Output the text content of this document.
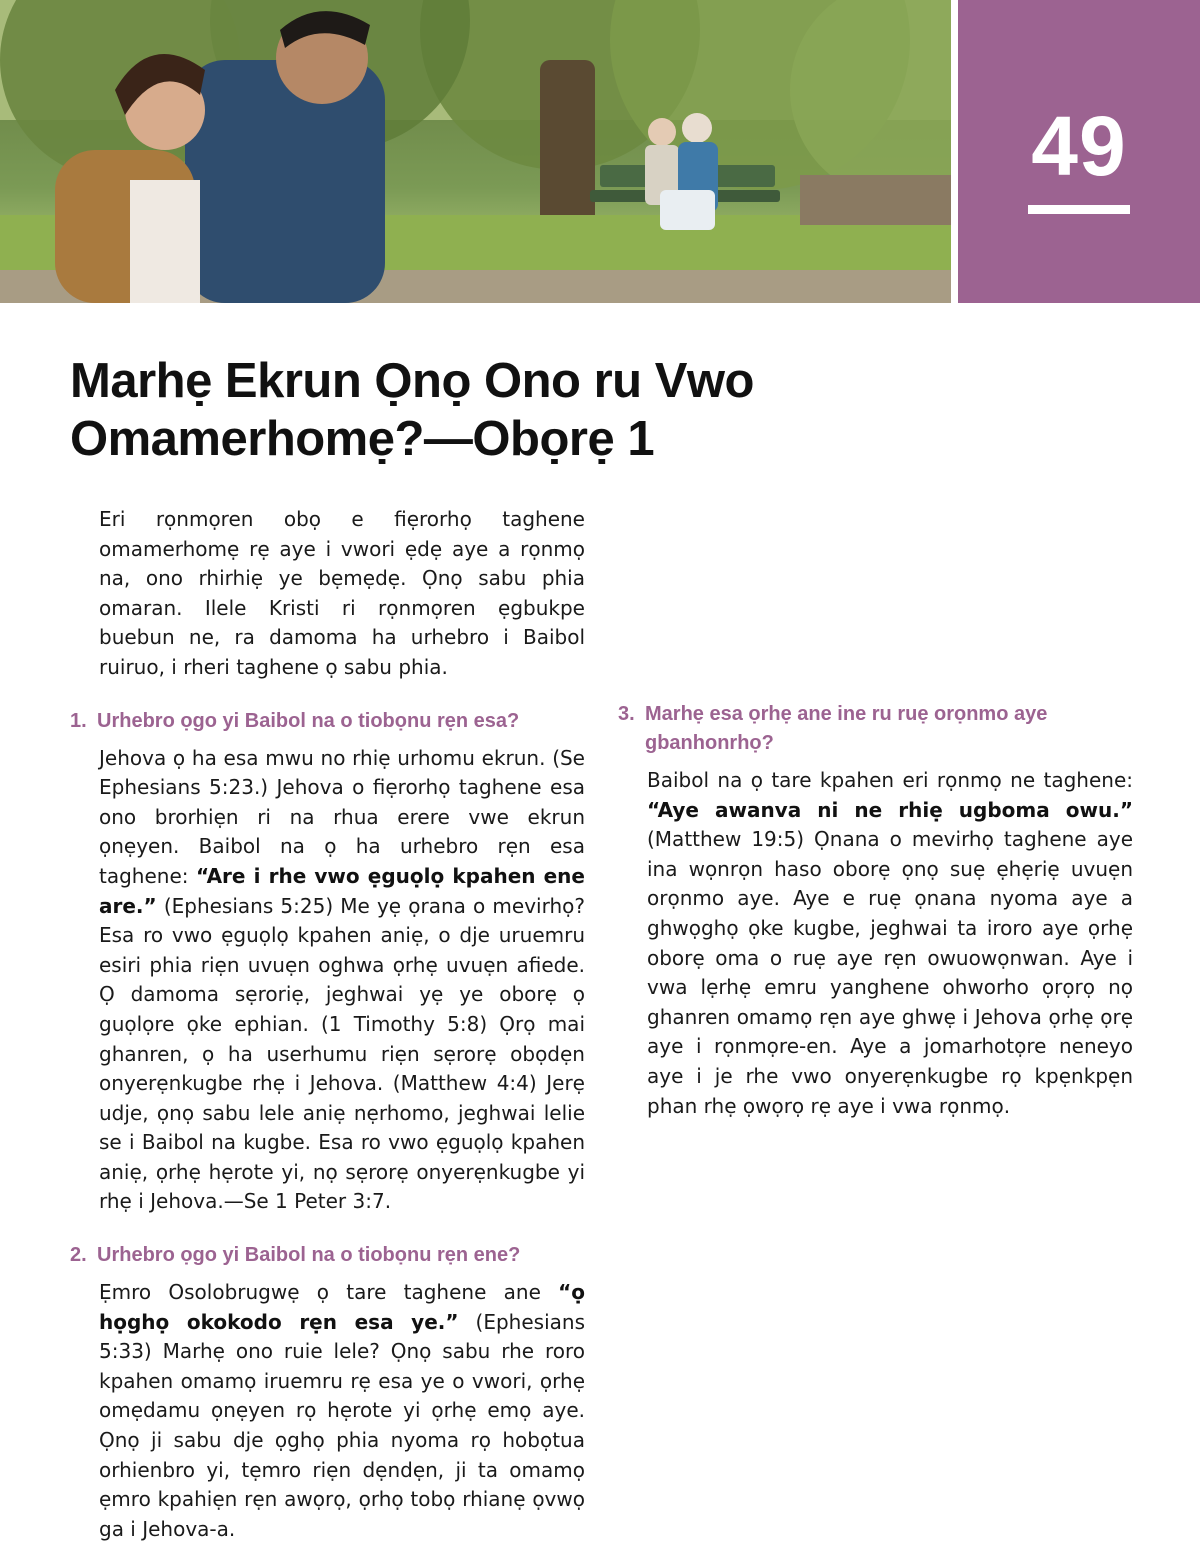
49
Marhẹ Ekrun Ọnọ Ono ru Vwo
Omamerhomẹ?—Obọrẹ 1

Eri rọnmọren obọ e fiẹrorhọ taghene omamerhomẹ rẹ aye i vwori ẹdẹ aye a rọnmọ na, ono rhirhiẹ ye bẹmẹdẹ. Ọnọ sabu phia omaran. Ilele Kristi ri rọnmọren ẹgbukpe buebun ne, ra damoma ha urhebro i Baibol ruiruo, i rheri taghene ọ sabu phia.

1. Urhebro ọgo yi Baibol na o tiobọnu rẹn esa?

Jehova ọ ha esa mwu no rhiẹ urhomu ekrun. (Se Ephesians 5:23.) Jehova o fiẹrorhọ taghene esa ono brorhiẹn ri na rhua erere vwe ekrun ọnẹyen. Baibol na ọ ha urhebro rẹn esa taghene: “Are i rhe vwo ẹguọlọ kpahen ene are.” (Ephesians 5:25) Me yẹ ọrana o mevirhọ? Esa ro vwo ẹguọlọ kpahen aniẹ, o dje uruemru esiri phia riẹn uvuẹn oghwa ọrhẹ uvuẹn afiede. Ọ damoma sẹroriẹ, jeghwai yẹ ye oborẹ ọ guọlọre ọke ephian. (1 Timothy 5:8) Ọrọ mai ghanren, ọ ha userhumu riẹn sẹrorẹ obọdẹn onyerẹnkugbe rhẹ i Jehova. (Matthew 4:4) Jerẹ udje, ọnọ sabu lele aniẹ nẹrhomo, jeghwai lelie se i Baibol na kugbe. Esa ro vwo ẹguọlọ kpahen aniẹ, ọrhẹ hẹrote yi, nọ sẹrorẹ onyerẹnkugbe yi rhẹ i Jehova.—Se 1 Peter 3:7.

2. Urhebro ọgo yi Baibol na o tiobọnu rẹn ene?

Ẹmro Osolobrugwẹ ọ tare taghene ane “ọ họghọ okokodo rẹn esa ye.” (Ephesians 5:33) Marhẹ ono ruie lele? Ọnọ sabu rhe roro kpahen omamọ iruemru rẹ esa ye o vwori, ọrhẹ omẹdamu ọnẹyen rọ hẹrote yi ọrhẹ emọ aye. Ọnọ ji sabu dje ọghọ phia nyoma rọ hobọtua orhienbro yi, tẹmro riẹn dẹndẹn, ji ta omamọ ẹmro kpahiẹn rẹn awọrọ, ọrhọ tobọ rhianẹ ọvwọ ga i Jehova-a.

3. Marhẹ esa ọrhẹ ane ine ru ruẹ orọnmo aye gbanhonrhọ?

Baibol na ọ tare kpahen eri rọnmọ ne taghene: “Aye awanva ni ne rhiẹ ugboma owu.” (Matthew 19:5) Ọnana o mevirhọ taghene aye ina wọnrọn haso oborẹ ọnọ suẹ ẹhẹriẹ uvuẹn orọnmo aye. Aye e ruẹ ọnana nyoma aye a ghwọghọ ọke kugbe, jeghwai ta iroro aye ọrhẹ oborẹ oma o ruẹ aye rẹn owuowọnwan. Aye i vwa lẹrhẹ emru yanghene ohworho ọrọrọ nọ ghanren omamọ rẹn aye ghwẹ i Jehova ọrhẹ ọrẹ aye i rọnmọre-en. Aye a jomarhotọre neneyo aye i je rhe vwo onyerẹnkugbe rọ kpẹnkpẹn phan rhẹ ọwọrọ rẹ aye i vwa rọnmọ.
